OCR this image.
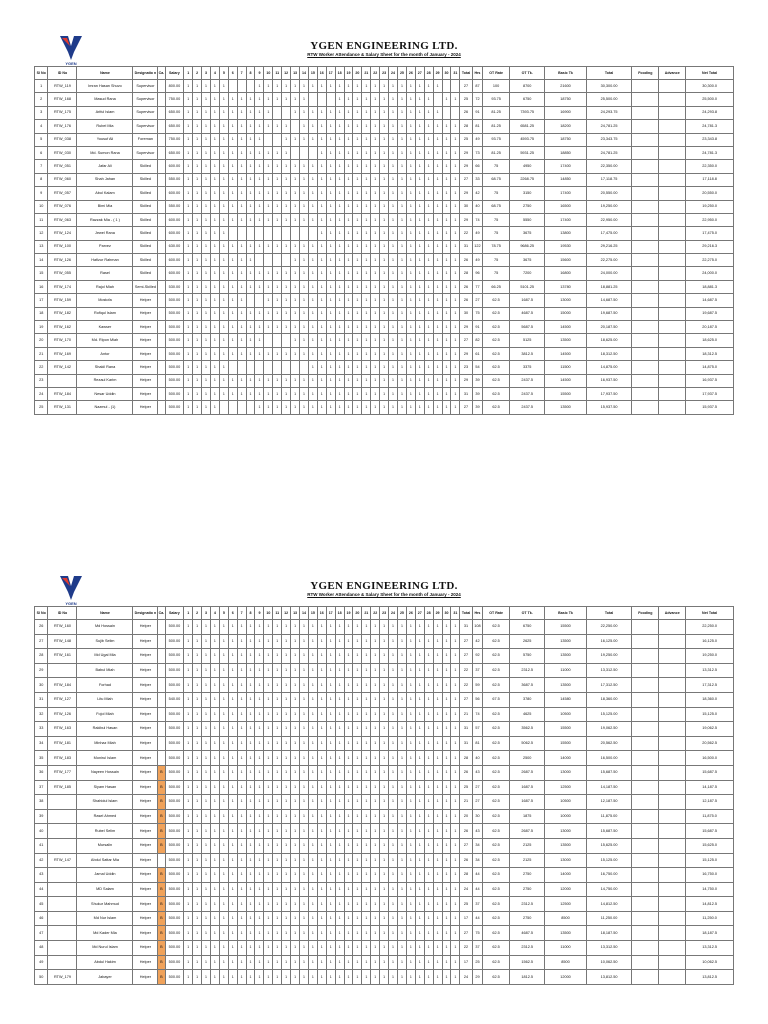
YGEN
YGEN ENGINEERING LTD.
RTW Worker Attendance & Salary Sheet for the month of January - 2024
Sl No	ID No	Name	Designatio n	Ca.	Salary	1	2	3	4	5	6	7	8	9	10	11	12	13	14	15	16	17	18	19	20	21	22	23	24	25	26	27	28	29	30	31	Total	Hrs	OT Rate	OT Tk.	Basic Tk	Total	Fooding	Advance	Net Total
1	RTW_119	Imran Hasan Shuvo	Supervisor		800.00	1	1	1	1	1				1	1	1	1	1	1	1	1	1	1	1	1	1	1	1	1	1	1	1	1	1			27	87	100	8700	21600	30,300.00			30,300.0
2	RTW_168	Masud Rana	Supervisor		750.00	1	1	1	1	1	1	1	1	1	1	1	1	1	1				1	1	1	1	1	1	1	1	1	1	1		1	1	25	72	93.75	6750	18750	25,500.00			25,500.0
3	RTW_175	Ariful Islam	Supervisor		650.00	1	1	1	1	1	1	1	1	1	1			1	1	1	1	1	1	1	1	1	1	1	1	1	1	1	1	1			26	91	81.25	7393.75	16900	24,293.75			24,293.8
4	RTW_176	Rubel Mia	Supervisor		650.00	1	1	1	1	1	1	1	1	1	1	1	1		1	1	1	1	1	1	1	1	1	1	1	1	1	1	1	1	1	1	28	81	81.25	6581.25	18200	24,781.25			24,781.3
5	RTW_038	Yousuf Ali	Foreman		750.00	1	1	1	1	1	1	1	1	1			1	1	1	1	1	1	1	1	1	1	1	1	1	1	1	1	1	1	1	1	25	49	93.75	4593.75	18750	23,343.75			23,343.8
6	RTW_030	Md. Sumon Rana	Supervisor		650.00	1	1	1	1	1	1	1	1	1	1	1	1				1	1	1	1	1	1	1	1	1	1	1	1	1	1	1	1	29	73	81.25	5931.25	18850	24,781.25			24,781.3
7	RTW_051	Jafar Ali	Skilled		600.00	1	1	1	1	1	1	1	1	1	1	1	1	1	1	1	1	1	1	1	1	1	1	1	1	1	1	1	1	1	1	1	29	66	75	4950	17400	22,350.00			22,350.0
8	RTW_060	Shah Jahan	Skilled		550.00	1	1	1	1	1	1	1	1	1	1	1	1	1	1	1	1	1	1	1	1	1	1	1	1	1	1	1	1	1	1	1	27	33	68.75	2268.75	14850	17,118.75			17,118.8
9	RTW_057	Abul Kalam	Skilled		600.00	1	1	1	1	1	1	1	1	1	1	1	1	1	1	1	1	1	1	1	1	1	1	1	1	1	1	1	1	1	1	1	29	42	75	3150	17400	20,550.00			20,550.0
10	RTW_076	Bimi Mia	Skilled		550.00	1	1	1	1	1	1	1	1	1	1	1	1	1	1	1	1	1	1	1	1	1	1	1	1	1	1	1	1	1	1	1	30	40	68.75	2750	16500	19,250.00			19,250.0
11	RTW_063	Razzak Mia - ( 1 )	Skilled		600.00	1	1	1	1	1	1	1	1	1	1	1	1	1	1	1	1	1	1	1	1	1	1	1	1	1	1	1	1	1	1	1	29	74	75	5550	17400	22,950.00			22,950.0
12	RTW_124	Jewel Rana	Skilled		600.00	1	1	1	1	1											1	1	1	1	1	1	1	1	1	1	1	1	1	1	1	1	22	49	75	3675	13800	17,475.00			17,475.0
13	RTW_100	Parvez	Skilled		630.00	1	1	1	1	1	1	1	1	1	1	1	1	1	1	1	1	1	1	1	1	1	1	1	1	1	1	1	1	1	1	1	31	122	78.75	9686.25	19530	29,216.25			29,216.3
14	RTW_126	Hafizur Rahman	Skilled		600.00	1	1	1	1	1	1	1	1					1	1	1	1	1	1	1	1	1	1	1	1	1	1	1	1	1	1	1	26	49	75	3675	15600	22,275.00			22,275.0
15	RTW_055	Rasel	Skilled		600.00	1	1	1	1	1	1	1	1	1	1	1	1	1	1	1	1	1	1	1	1	1	1	1	1	1	1	1	1	1	1	1	28	96	75	7200	16800	24,000.00			24,000.0
16	RTW_174	Rajol Miah	Semi-Skilled		530.00	1	1	1	1	1	1	1	1	1	1	1	1	1	1	1	1	1	1	1	1	1	1	1	1	1	1	1	1	1	1	1	26	77	66.25	5101.25	13780	18,881.25			18,881.3
17	RTW_159	Mostofa	Helper		500.00	1	1	1	1	1	1	1			1	1	1	1	1	1	1	1	1	1	1	1	1	1	1	1	1	1	1	1	1	1	26	27	62.5	1687.5	13000	14,687.50			14,687.5
18	RTW_182	Rofiqul Islam	Helper		500.00	1	1	1	1	1	1	1	1	1	1	1	1	1	1	1	1	1	1	1	1	1	1	1	1	1	1	1	1	1	1	1	30	75	62.5	4687.5	15000	19,687.50			19,687.5
19	RTW_162	Kawser	Helper		500.00	1	1	1	1	1	1	1	1	1	1	1	1	1	1	1	1	1	1	1	1	1	1	1	1	1	1	1	1	1	1	1	29	91	62.5	5687.5	14500	20,187.50			20,187.5
20	RTW_170	Md. Ripon Miah	Helper		500.00	1	1	1	1	1	1	1	1	1				1	1	1	1	1	1	1	1	1	1	1	1	1	1	1	1	1	1	1	27	82	62.5	5125	13500	18,625.00			18,625.0
21	RTW_169	Antor	Helper		500.00	1	1	1	1	1	1	1	1	1	1	1	1	1	1	1	1	1	1	1	1	1	1	1	1	1	1	1	1	1	1	1	29	61	62.5	3812.5	14500	18,312.50			18,312.5
22	RTW_142	Shakil Rana	Helper		500.00	1	1	1	1	1										1	1	1	1	1	1	1	1	1	1	1	1	1	1	1	1	1	23	54	62.5	3375	11500	14,875.00			14,875.0
23		Rezaul Karim	Helper		500.00	1	1	1	1	1	1	1	1	1	1	1	1	1	1	1	1	1	1	1	1	1	1	1	1	1	1	1	1	1	1	1	29	39	62.5	2437.5	14500	16,937.50			16,937.5
24	RTW_184	Nesar Uddin	Helper		500.00	1	1	1	1	1	1	1	1	1	1	1	1	1	1	1	1	1	1	1	1	1	1	1	1	1	1	1	1	1	1	1	31	39	62.5	2437.5	15500	17,937.50			17,937.5
25	RTW_131	Nazmul - (1)	Helper		500.00	1	1	1	1					1	1	1	1	1	1	1	1	1	1	1	1	1	1	1	1	1	1	1	1	1	1	1	27	39	62.5	2437.5	13500	15,937.50			15,937.5
YGEN
YGEN ENGINEERING LTD.
RTW Worker Attendance & Salary Sheet for the month of January - 2024
Sl No	ID No	Name	Designatio n	Ca.	Salary	1	2	3	4	5	6	7	8	9	10	11	12	13	14	15	16	17	18	19	20	21	22	23	24	25	26	27	28	29	30	31	Total	Hrs	OT Rate	OT Tk.	Basic Tk	Total	Fooding	Advance	Net Total
26	RTW_160	Md Hossain	Helper		500.00	1	1	1	1	1	1	1	1	1	1	1	1	1	1	1	1	1	1	1	1	1	1	1	1	1	1	1	1	1	1	1	31	108	62.5	6750	15500	22,250.00			22,250.0
27	RTW_148	Sujib Selim	Helper		500.00	1	1	1	1	1	1	1	1	1	1	1	1	1	1	1	1	1	1	1	1	1	1	1	1	1	1	1	1	1	1	1	27	42	62.5	2625	13500	16,125.00			16,125.0
28	RTW_161	Md Ugal Mia	Helper		500.00	1	1	1	1	1	1	1	1	1	1	1	1	1	1	1	1	1	1	1	1	1	1	1	1	1	1	1	1	1	1	1	27	92	62.5	5750	13500	19,250.00			19,250.0
29		Babul Miah	Helper		500.00	1	1	1	1	1	1	1	1	1	1	1	1	1	1	1	1	1	1	1	1	1	1	1	1	1	1	1	1	1	1	1	22	37	62.5	2312.5	11000	13,312.50			13,312.5
30	RTW_184	Forhad	Helper		500.00	1	1	1	1	1	1	1	1	1	1	1	1	1	1	1	1	1	1	1	1	1	1	1	1	1	1	1	1	1	1	1	22	59	62.5	3687.5	13500	17,312.50			17,312.5
31	RTW_127	Litu Miah	Helper		540.00	1	1	1	1	1	1	1	1	1	1	1	1	1	1	1	1	1	1	1	1	1	1	1	1	1	1	1	1	1	1	1	27	56	67.5	3780	14580	18,360.00			18,360.0
32	RTW_126	Fojol Miah	Helper		500.00	1	1	1	1	1	1	1	1	1	1	1	1	1	1	1	1	1	1	1	1	1	1	1	1	1	1	1	1	1	1	1	21	74	62.5	4625	10500	15,125.00			15,125.0
33	RTW_163	Rakibul Hasan	Helper		500.00	1	1	1	1	1	1	1	1	1	1	1	1	1	1	1	1	1	1	1	1	1	1	1	1	1	1	1	1	1	1	1	31	57	62.5	3562.5	15500	19,062.50			19,062.5
34	RTW_181	Minhaz Miah	Helper		500.00	1	1	1	1	1	1	1	1	1	1	1	1	1	1	1	1	1	1	1	1	1	1	1	1	1	1	1	1	1	1	1	31	81	62.5	5062.5	15500	20,562.50			20,562.5
35	RTW_183	Monirul Islam	Helper		500.00	1	1	1	1	1	1	1	1	1	1	1	1	1	1	1	1	1	1	1	1	1	1	1	1	1	1	1	1	1	1	1	28	40	62.5	2500	14000	16,500.00			16,500.0
36	RTW_177	Nayeen Hossain	Helper	B	500.00	1	1	1	1	1	1	1	1	1	1	1	1	1	1	1	1	1	1	1	1	1	1	1	1	1	1	1	1	1	1	1	26	43	62.5	2687.5	13000	15,687.50			15,687.5
37	RTW_185	Siyam Hasan	Helper	B	500.00	1	1	1	1	1	1	1	1	1	1	1	1	1	1	1	1	1	1	1	1	1	1	1	1	1	1	1	1	1	1	1	25	27	62.5	1687.5	12500	14,187.50			14,187.5
38		Shahidul Islam	Helper	B	500.00	1	1	1	1	1	1	1	1	1	1	1	1	1	1	1	1	1	1	1	1	1	1	1	1	1	1	1	1	1	1	1	21	27	62.5	1687.5	10500	12,187.50			12,187.5
39		Rasel Ahmed	Helper	B	500.00	1	1	1	1	1	1	1	1	1	1	1	1	1	1	1	1	1	1	1	1	1	1	1	1	1	1	1	1	1	1	1	20	30	62.5	1875	10000	11,875.00			11,875.0
40		Rubel Selim	Helper	B	500.00	1	1	1	1	1	1	1	1	1	1	1	1	1	1	1	1	1	1	1	1	1	1	1	1	1	1	1	1	1	1	1	26	43	62.5	2687.5	13000	15,687.50			15,687.5
41		Mursalin	Helper	B	500.00	1	1	1	1	1	1	1	1	1	1	1	1	1	1	1	1	1	1	1	1	1	1	1	1	1	1	1	1	1	1	1	27	34	62.5	2125	13500	15,625.00			15,625.0
42	RTW_147	Abdul Sattar Mia	Helper		500.00	1	1	1	1	1	1	1	1	1	1	1	1	1	1	1	1	1	1	1	1	1	1	1	1	1	1	1	1	1	1	1	26	34	62.5	2125	13000	15,125.00			15,125.0
43		Jamal Uddin	Helper	B	500.00	1	1	1	1	1	1	1	1	1	1	1	1	1	1	1	1	1	1	1	1	1	1	1	1	1	1	1	1	1	1	1	28	44	62.5	2750	14000	16,750.00			16,750.0
44		MD Salam	Helper	B	500.00	1	1	1	1	1	1	1	1	1	1	1	1	1	1	1	1	1	1	1	1	1	1	1	1	1	1	1	1	1	1	1	24	44	62.5	2750	12000	14,750.00			14,750.0
45		Shukur Mahmud	Helper	B	500.00	1	1	1	1	1	1	1	1	1	1	1	1	1	1	1	1	1	1	1	1	1	1	1	1	1	1	1	1	1	1	1	25	37	62.5	2312.5	12500	14,812.50			14,812.5
46		Md Nur Islam	Helper	B	500.00	1	1	1	1	1	1	1	1	1	1	1	1	1	1	1	1	1	1	1	1	1	1	1	1	1	1	1	1	1	1	1	17	44	62.5	2750	8500	11,250.00			11,250.0
47		Md Kader Mia	Helper	B	500.00	1	1	1	1	1	1	1	1	1	1	1	1	1	1	1	1	1	1	1	1	1	1	1	1	1	1	1	1	1	1	1	27	75	62.5	4687.5	13500	18,187.50			18,187.5
48		Md Nurul Islam	Helper	B	500.00	1	1	1	1	1	1	1	1	1	1	1	1	1	1	1	1	1	1	1	1	1	1	1	1	1	1	1	1	1	1	1	22	37	62.5	2312.5	11000	13,312.50			13,312.5
49		Abdul Hakim	Helper	B	500.00	1	1	1	1	1	1	1	1	1	1	1	1	1	1	1	1	1	1	1	1	1	1	1	1	1	1	1	1	1	1	1	17	25	62.5	1562.5	8500	10,062.50			10,062.5
50	RTW_179	Jabayer	Helper	B	500.00	1	1	1	1	1	1	1	1	1	1	1	1	1	1	1	1	1	1	1	1	1	1	1	1	1	1	1	1	1	1	1	24	29	62.5	1812.5	12000	13,812.50			13,812.5
